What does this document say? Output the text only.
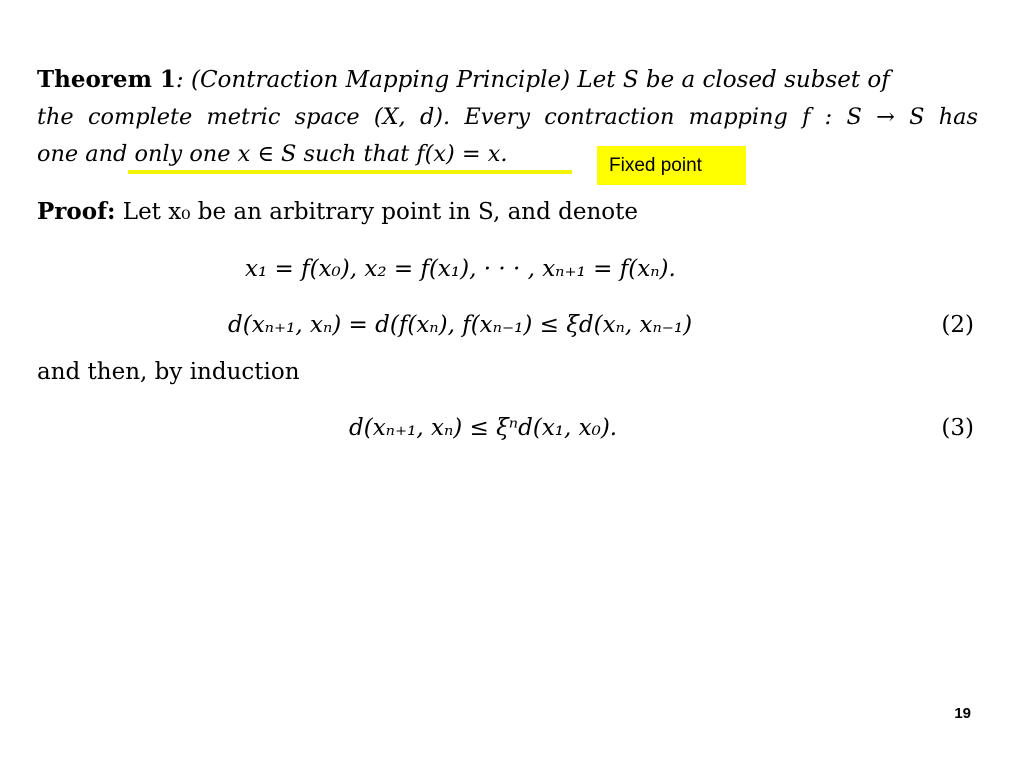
Theorem 1: (Contraction Mapping Principle) Let S be a closed subset of
the complete metric space (X, d). Every contraction mapping f : S → S has
one and only one x ∈ S such that f(x) = x.	Fixed point
Proof: Let x₀ be an arbitrary point in S, and denote
x₁ = f(x₀), x₂ = f(x₁), · · · , xₙ₊₁ = f(xₙ).
d(xₙ₊₁, xₙ) = d(f(xₙ), f(xₙ₋₁) ≤ ξd(xₙ, xₙ₋₁)	(2)
and then, by induction
d(xₙ₊₁, xₙ) ≤ ξⁿd(x₁, x₀).	(3)
19
